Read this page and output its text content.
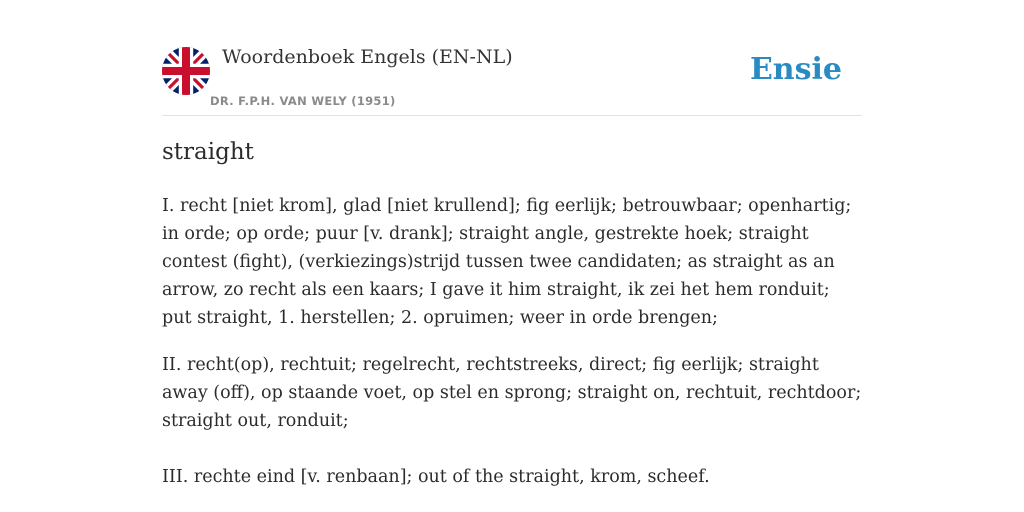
Woordenboek Engels (EN-NL)
DR. F.P.H. VAN WELY (1951)
Ensie
straight

I. recht [niet krom], glad [niet krullend]; fig eerlijk; betrouwbaar; openhartig; in orde; op orde; puur [v. drank]; straight angle, gestrekte hoek; straight contest (fight), (verkiezings)strijd tussen twee candidaten; as straight as an arrow, zo recht als een kaars; I gave it him straight, ik zei het hem ronduit; put straight, 1. herstellen; 2. opruimen; weer in orde brengen;

II. recht(op), rechtuit; regelrecht, rechtstreeks, direct; fig eerlijk; straight away (off), op staande voet, op stel en sprong; straight on, rechtuit, rechtdoor; straight out, ronduit;

III. rechte eind [v. renbaan]; out of the straight, krom, scheef.
